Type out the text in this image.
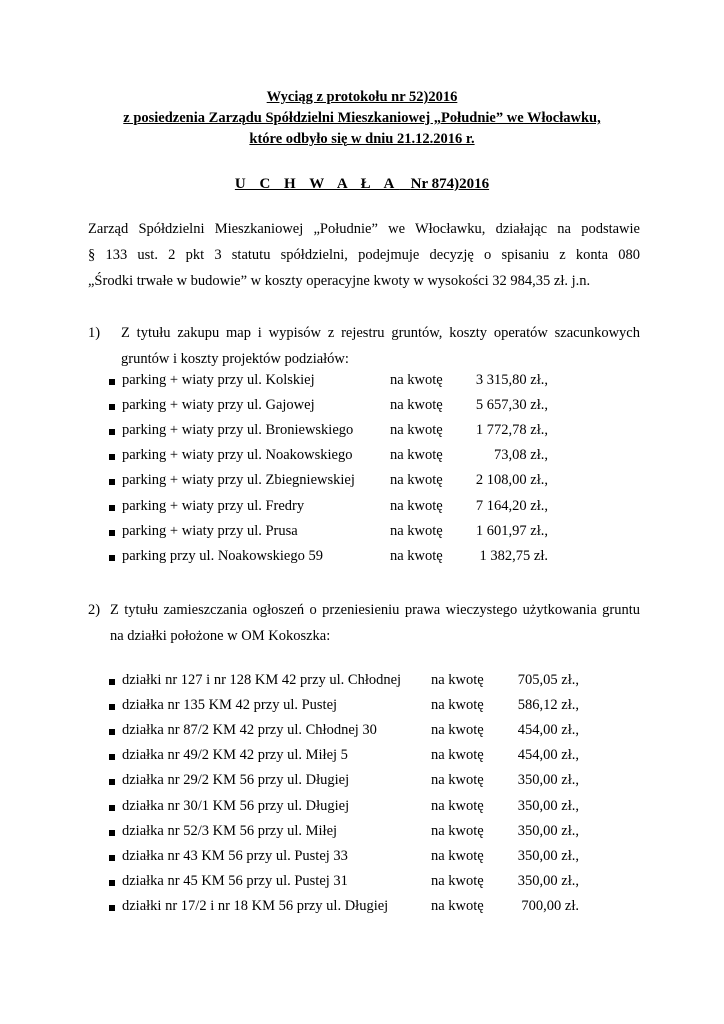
Wyciąg z protokołu nr 52)2016
z posiedzenia Zarządu Spółdzielni Mieszkaniowej „Południe” we Włocławku,
które odbyło się w dniu 21.12.2016 r.
U C H W A Ł A Nr 874)2016
Zarząd Spółdzielni Mieszkaniowej „Południe” we Włocławku, działając na podstawie
§ 133 ust. 2 pkt 3 statutu spółdzielni, podejmuje decyzję o spisaniu z konta 080
„Środki trwałe w budowie” w koszty operacyjne kwoty w wysokości 32 984,35 zł. j.n.
1) Z tytułu zakupu map i wypisów z rejestru gruntów, koszty operatów szacunkowych
gruntów i koszty projektów podziałów:
parking + wiaty przy ul. Kolskiej	na kwotę	3 315,80 zł.,
parking + wiaty przy ul. Gajowej	na kwotę	5 657,30 zł.,
parking + wiaty przy ul. Broniewskiego	na kwotę	1 772,78 zł.,
parking + wiaty przy ul. Noakowskiego	na kwotę	73,08 zł.,
parking + wiaty przy ul. Zbiegniewskiej na kwotę	2 108,00 zł.,
parking + wiaty przy ul. Fredry	na kwotę	7 164,20 zł.,
parking + wiaty przy ul. Prusa	na kwotę	1 601,97 zł.,
parking przy ul. Noakowskiego 59	na kwotę	1 382,75 zł.
2) Z tytułu zamieszczania ogłoszeń o przeniesieniu prawa wieczystego użytkowania gruntu
na działki położone w OM Kokoszka:
działki nr 127 i nr 128 KM 42 przy ul. Chłodnej na kwotę	705,05 zł.,
działka nr 135 KM 42 przy ul. Pustej	na kwotę	586,12 zł.,
działka nr 87/2 KM 42 przy ul. Chłodnej 30	na kwotę	454,00 zł.,
działka nr 49/2 KM 42 przy ul. Miłej 5	na kwotę	454,00 zł.,
działka nr 29/2 KM 56 przy ul. Długiej	na kwotę	350,00 zł.,
działka nr 30/1 KM 56 przy ul. Długiej	na kwotę	350,00 zł.,
działka nr 52/3 KM 56 przy ul. Miłej	na kwotę	350,00 zł.,
działka nr 43 KM 56 przy ul. Pustej 33	na kwotę	350,00 zł.,
działka nr 45 KM 56 przy ul. Pustej 31	na kwotę	350,00 zł.,
działki nr 17/2 i nr 18 KM 56 przy ul. Długiej	na kwotę	700,00 zł.
